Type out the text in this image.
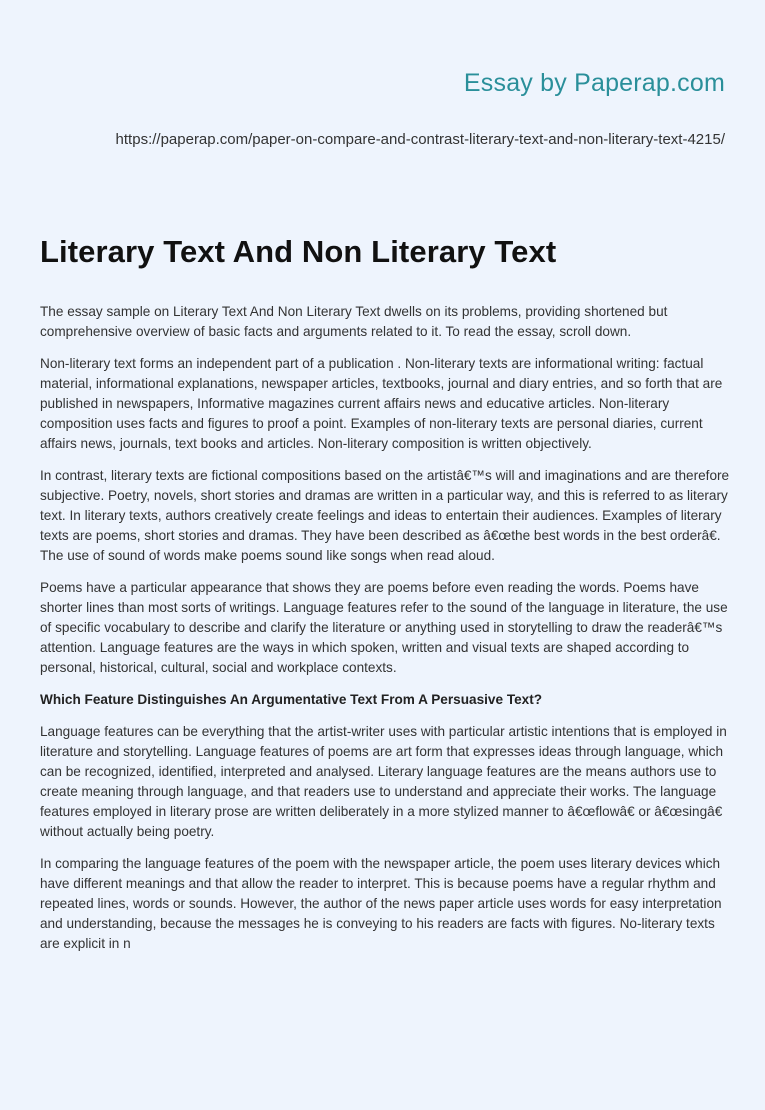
Essay by Paperap.com
https://paperap.com/paper-on-compare-and-contrast-literary-text-and-non-literary-text-4215/
Literary Text And Non Literary Text

The essay sample on Literary Text And Non Literary Text dwells on its problems, providing shortened but comprehensive overview of basic facts and arguments related to it. To read the essay, scroll down.

Non-literary text forms an independent part of a publication . Non-literary texts are informational writing: factual material, informational explanations, newspaper articles, textbooks, journal and diary entries, and so forth that are published in newspapers, Informative magazines current affairs news and educative articles. Non-literary composition uses facts and figures to proof a point. Examples of non-literary texts are personal diaries, current affairs news, journals, text books and articles. Non-literary composition is written objectively.

In contrast, literary texts are fictional compositions based on the artistâ€™s will and imaginations and are therefore subjective. Poetry, novels, short stories and dramas are written in a particular way, and this is referred to as literary text. In literary texts, authors creatively create feelings and ideas to entertain their audiences. Examples of literary texts are poems, short stories and dramas. They have been described as â€œthe best words in the best orderâ€. The use of sound of words make poems sound like songs when read aloud.

Poems have a particular appearance that shows they are poems before even reading the words. Poems have shorter lines than most sorts of writings. Language features refer to the sound of the language in literature, the use of specific vocabulary to describe and clarify the literature or anything used in storytelling to draw the readerâ€™s attention. Language features are the ways in which spoken, written and visual texts are shaped according to personal, historical, cultural, social and workplace contexts.

Which Feature Distinguishes An Argumentative Text From A Persuasive Text?

Language features can be everything that the artist-writer uses with particular artistic intentions that is employed in literature and storytelling. Language features of poems are art form that expresses ideas through language, which can be recognized, identified, interpreted and analysed. Literary language features are the means authors use to create meaning through language, and that readers use to understand and appreciate their works. The language features employed in literary prose are written deliberately in a more stylized manner to â€œflowâ€ or â€œsingâ€ without actually being poetry.

In comparing the language features of the poem with the newspaper article, the poem uses literary devices which have different meanings and that allow the reader to interpret. This is because poems have a regular rhythm and repeated lines, words or sounds. However, the author of the news paper article uses words for easy interpretation and understanding, because the messages he is conveying to his readers are facts with figures. No-literary texts are explicit in n
